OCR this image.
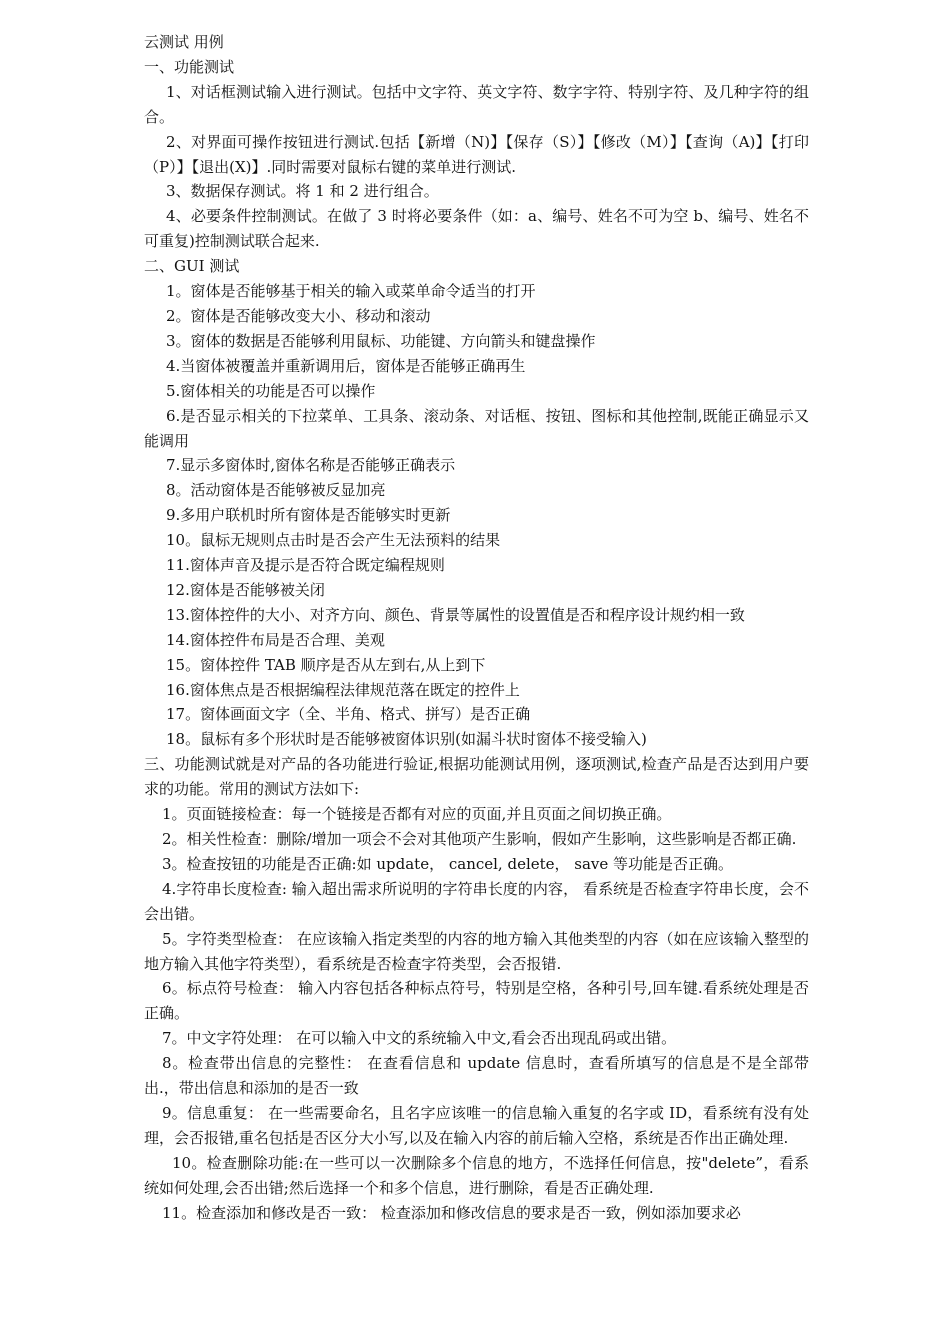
云测试 用例

一、功能测试

1、对话框测试输入进行测试。包括中文字符、英文字符、数字字符、特别字符、及几种字符的组合。

2、对界面可操作按钮进行测试.包括【新增（N)】【保存（S）】【修改（M）】【查询（A)】【打印（P）】【退出(X)】.同时需要对鼠标右键的菜单进行测试.

3、数据保存测试。将 1 和 2 进行组合。

4、必要条件控制测试。在做了 3 时将必要条件（如：a、编号、姓名不可为空 b、编号、姓名不可重复)控制测试联合起来.

二、GUI 测试

1。窗体是否能够基于相关的输入或菜单命令适当的打开

2。窗体是否能够改变大小、移动和滚动

3。窗体的数据是否能够利用鼠标、功能键、方向箭头和键盘操作

4.当窗体被覆盖并重新调用后，窗体是否能够正确再生

5.窗体相关的功能是否可以操作

6.是否显示相关的下拉菜单、工具条、滚动条、对话框、按钮、图标和其他控制,既能正确显示又能调用

7.显示多窗体时,窗体名称是否能够正确表示

8。活动窗体是否能够被反显加亮

9.多用户联机时所有窗体是否能够实时更新

10。鼠标无规则点击时是否会产生无法预料的结果

11.窗体声音及提示是否符合既定编程规则

12.窗体是否能够被关闭

13.窗体控件的大小、对齐方向、颜色、背景等属性的设置值是否和程序设计规约相一致

14.窗体控件布局是否合理、美观

15。窗体控件 TAB 顺序是否从左到右,从上到下

16.窗体焦点是否根据编程法律规范落在既定的控件上

17。窗体画面文字（全、半角、格式、拼写）是否正确

18。鼠标有多个形状时是否能够被窗体识别(如漏斗状时窗体不接受输入)

三、功能测试就是对产品的各功能进行验证,根据功能测试用例，逐项测试,检查产品是否达到用户要求的功能。常用的测试方法如下:

1。页面链接检查：每一个链接是否都有对应的页面,并且页面之间切换正确。

2。相关性检查：删除/增加一项会不会对其他项产生影响，假如产生影响，这些影响是否都正确.

3。检查按钮的功能是否正确:如 update， cancel, delete， save 等功能是否正确。

4.字符串长度检查: 输入超出需求所说明的字符串长度的内容， 看系统是否检查字符串长度，会不会出错。

5。字符类型检查： 在应该输入指定类型的内容的地方输入其他类型的内容（如在应该输入整型的地方输入其他字符类型），看系统是否检查字符类型，会否报错.

6。标点符号检查： 输入内容包括各种标点符号，特别是空格，各种引号,回车键.看系统处理是否正确。

7。中文字符处理： 在可以输入中文的系统输入中文,看会否出现乱码或出错。

8。检查带出信息的完整性： 在查看信息和 update 信息时，查看所填写的信息是不是全部带出.，带出信息和添加的是否一致

9。信息重复： 在一些需要命名，且名字应该唯一的信息输入重复的名字或 ID，看系统有没有处理，会否报错,重名包括是否区分大小写,以及在输入内容的前后输入空格，系统是否作出正确处理.

10。检查删除功能:在一些可以一次删除多个信息的地方，不选择任何信息，按"delete”，看系统如何处理,会否出错;然后选择一个和多个信息，进行删除，看是否正确处理.

11。检查添加和修改是否一致： 检查添加和修改信息的要求是否一致，例如添加要求必
